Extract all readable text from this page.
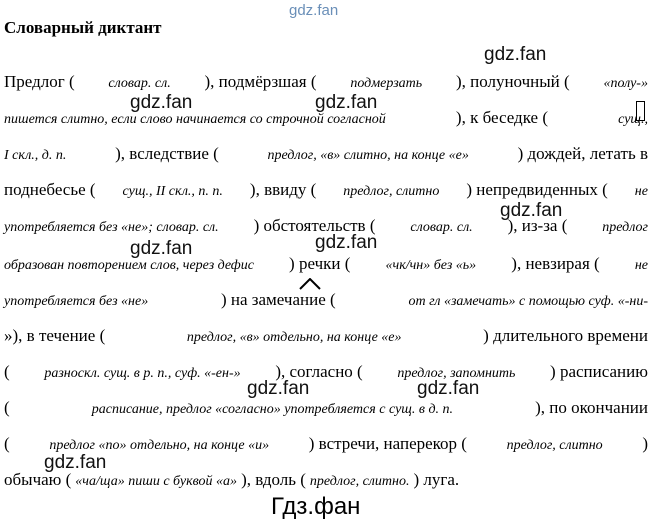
gdz.fan
Словарный диктант
gdz.fan
gdz.fan	gdz.fan
gdz.fan
gdz.fan	gdz.fan
gdz.fan	gdz.fan
gdz.fan
Гдз.фан
Предлог ( словар. сл. ), подмёрзшая ( подмерзать ), полуночный ( «полу-»
пишется слитно, если слово начинается со строчной согласной	), к беседке (	сущ.,
I скл., д. п.	), вследствие (	предлог, «в» слитно, на конце «е»	) дождей, летать в
поднебесье ( сущ., II скл., п. п. ), ввиду ( предлог, слитно ) непредвиденных ( не
употребляется без «не»; словар. сл. ) обстоятельств ( словар. сл. ), из-за ( предлог
образован повторением слов, через дефис ) речки (	«чк/чн» без «ь» ), невзирая (	не
употребляется без «не»	) на замечание (	от гл «замечать» с помощью суф. «-ни-
»), в течение (	предлог, «в» отдельно, на конце «е»	) длительного времени
( разноскл. сущ. в р. п., суф. «-ен-» ), согласно ( предлог, запомнить ) расписанию
(	расписание, предлог «согласно» употребляется с сущ. в д. п.	), по окончании
(	предлог «по» отдельно, на конце «и» ) встречи, наперекор (	предлог, слитно )
обычаю ( «ча/ща» пиши с буквой «а» ), вдоль ( предлог, слитно. ) луга.
